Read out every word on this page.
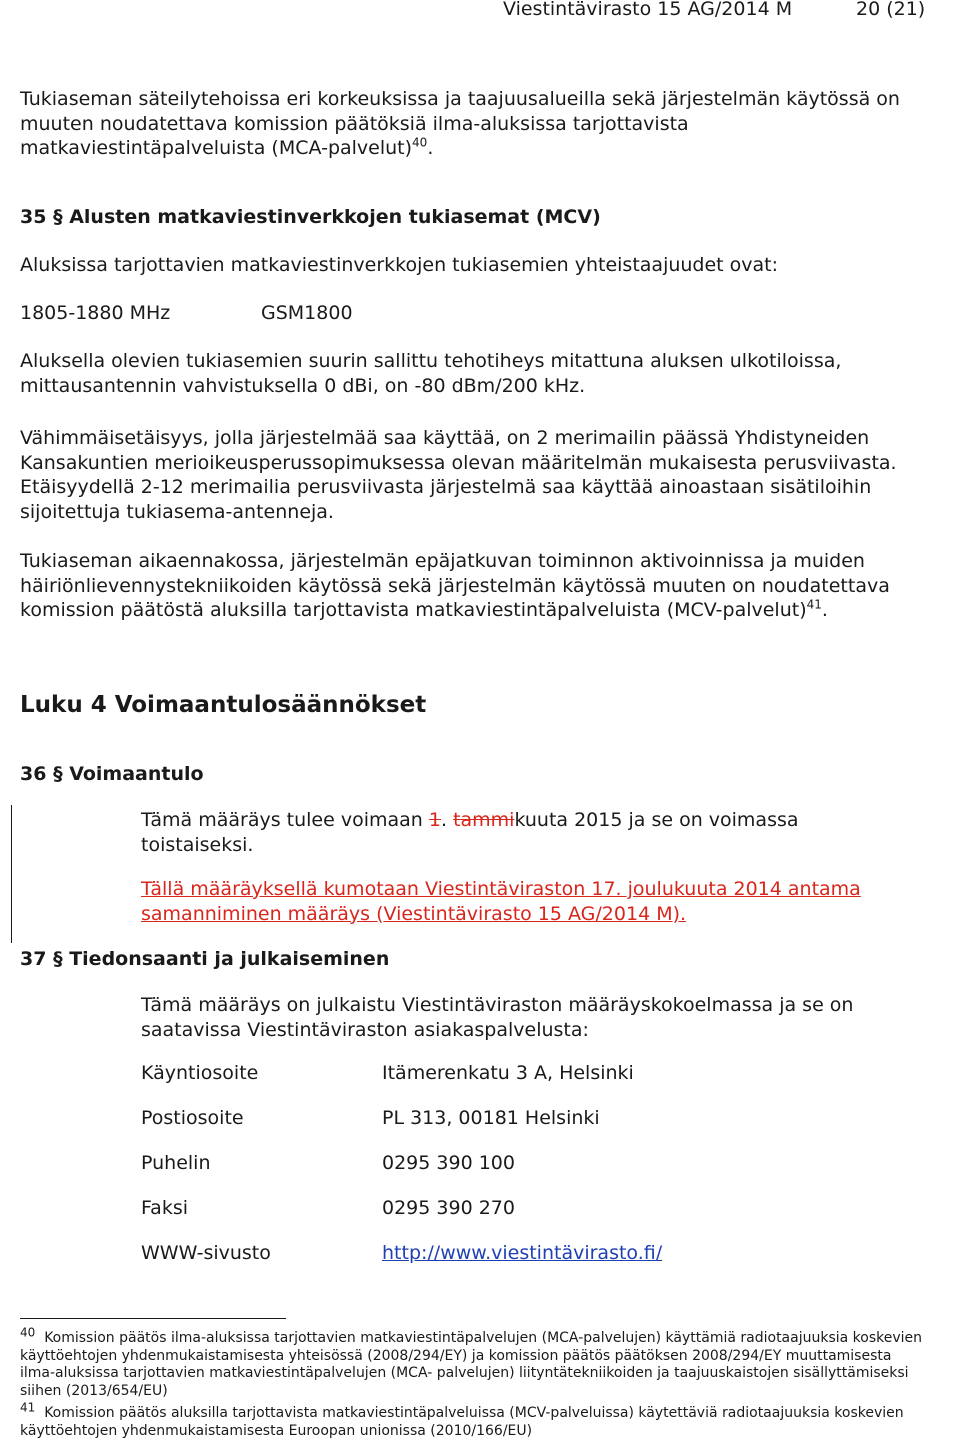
Viestintävirasto 15 AG/2014 M	20 (21)

Tukiaseman säteilytehoissa eri korkeuksissa ja taajuusalueilla sekä järjestelmän käytössä on muuten noudatettava komission päätöksiä ilma-aluksissa tarjottavista matkaviestintäpalveluista (MCA-palvelut)$^{40}$.

35 § Alusten matkaviestinverkkojen tukiasemat (MCV)

Aluksissa tarjottavien matkaviestinverkkojen tukiasemien yhteistaajuudet ovat:

1805-1880 MHz	GSM1800

Aluksella olevien tukiasemien suurin sallittu tehotiheys mitattuna aluksen ulkotiloissa, mittausantennin vahvistuksella 0 dBi, on -80 dBm/200 kHz.

Vähimmäisetäisyys, jolla järjestelmää saa käyttää, on 2 merimailin päässä Yhdistyneiden Kansakuntien merioikeusperussopimuksessa olevan määritelmän mukaisesta perusviivasta. Etäisyydellä 2-12 merimailia perusviivasta järjestelmä saa käyttää ainoastaan sisätiloihin sijoitettuja tukiasema-antenneja.

Tukiaseman aikaennakossa, järjestelmän epäjatkuvan toiminnon aktivoinnissa ja muiden häiriönlievennystekniikoiden käytössä sekä järjestelmän käytössä muuten on noudatettava komission päätöstä aluksilla tarjottavista matkaviestintäpalveluista (MCV-palvelut)$^{41}$.

Luku 4 Voimaantulosäännökset

36 § Voimaantulo

Tämä määräys tulee voimaan 1. tammikuuta 2015 ja se on voimassa toistaiseksi.

Tällä määräyksellä kumotaan Viestintäviraston 17. joulukuuta 2014 antama samanniminen määräys (Viestintävirasto 15 AG/2014 M).

37 § Tiedonsaanti ja julkaiseminen

Tämä määräys on julkaistu Viestintäviraston määräyskokoelmassa ja se on saatavissa Viestintäviraston asiakaspalvelusta:

Käyntiosoite	Itämerenkatu 3 A, Helsinki
Postiosoite	PL 313, 00181 Helsinki
Puhelin	0295 390 100
Faksi	0295 390 270
WWW-sivusto	http://www.viestintävirasto.fi/

$^{40}$ Komission päätös ilma-aluksissa tarjottavien matkaviestintäpalvelujen (MCA-palvelujen) käyttämiä radiotaajuuksia koskevien käyttöehtojen yhdenmukaistamisesta yhteisössä (2008/294/EY) ja komission päätös päätöksen 2008/294/EY muuttamisesta ilma-aluksissa tarjottavien matkaviestintäpalvelujen (MCA- palvelujen) liityntätekniikoiden ja taajuuskaistojen sisällyttämiseksi siihen (2013/654/EU)

$^{41}$ Komission päätös aluksilla tarjottavista matkaviestintäpalveluissa (MCV-palveluissa) käytettäviä radiotaajuuksia koskevien käyttöehtojen yhdenmukaistamisesta Euroopan unionissa (2010/166/EU)
